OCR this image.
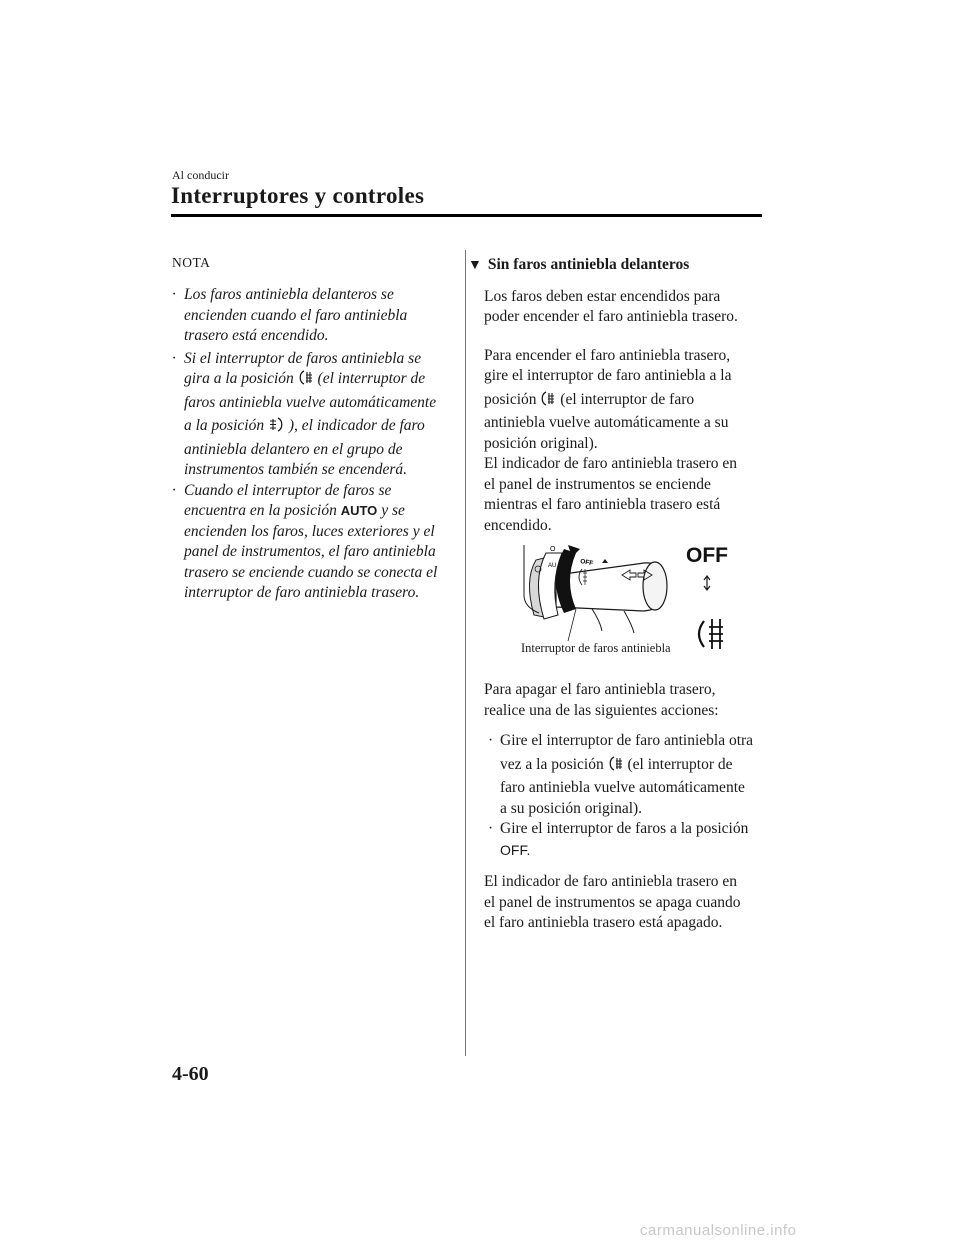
Al conducir
Interruptores y controles
NOTA
· Los faros antiniebla delanteros se
encienden cuando el faro antiniebla
trasero está encendido.
· Si el interruptor de faros antiniebla se
gira a la posición (el interruptor de
faros antiniebla vuelve automáticamente
a la posición ), el indicador de faro
antiniebla delantero en el grupo de
instrumentos también se encenderá.
· Cuando el interruptor de faros se
encuentra en la posición AUTO y se
encienden los faros, luces exteriores y el
panel de instrumentos, el faro antiniebla
trasero se enciende cuando se conecta el
interruptor de faro antiniebla trasero.
▼ Sin faros antiniebla delanteros
Los faros deben estar encendidos para
poder encender el faro antiniebla trasero.
Para encender el faro antiniebla trasero,
gire el interruptor de faro antiniebla a la
posición (el interruptor de faro
antiniebla vuelve automáticamente a su
posición original).
El indicador de faro antiniebla trasero en
el panel de instrumentos se enciende
mientras el faro antiniebla trasero está
encendido.
O
AU	OFF	OFF
Interruptor de faros antiniebla
Para apagar el faro antiniebla trasero,
realice una de las siguientes acciones:
· Gire el interruptor de faro antiniebla otra
vez a la posición (el interruptor de
faro antiniebla vuelve automáticamente
a su posición original).
· Gire el interruptor de faros a la posición
OFF.
El indicador de faro antiniebla trasero en
el panel de instrumentos se apaga cuando
el faro antiniebla trasero está apagado.
4-60
carmanualsonline.info
